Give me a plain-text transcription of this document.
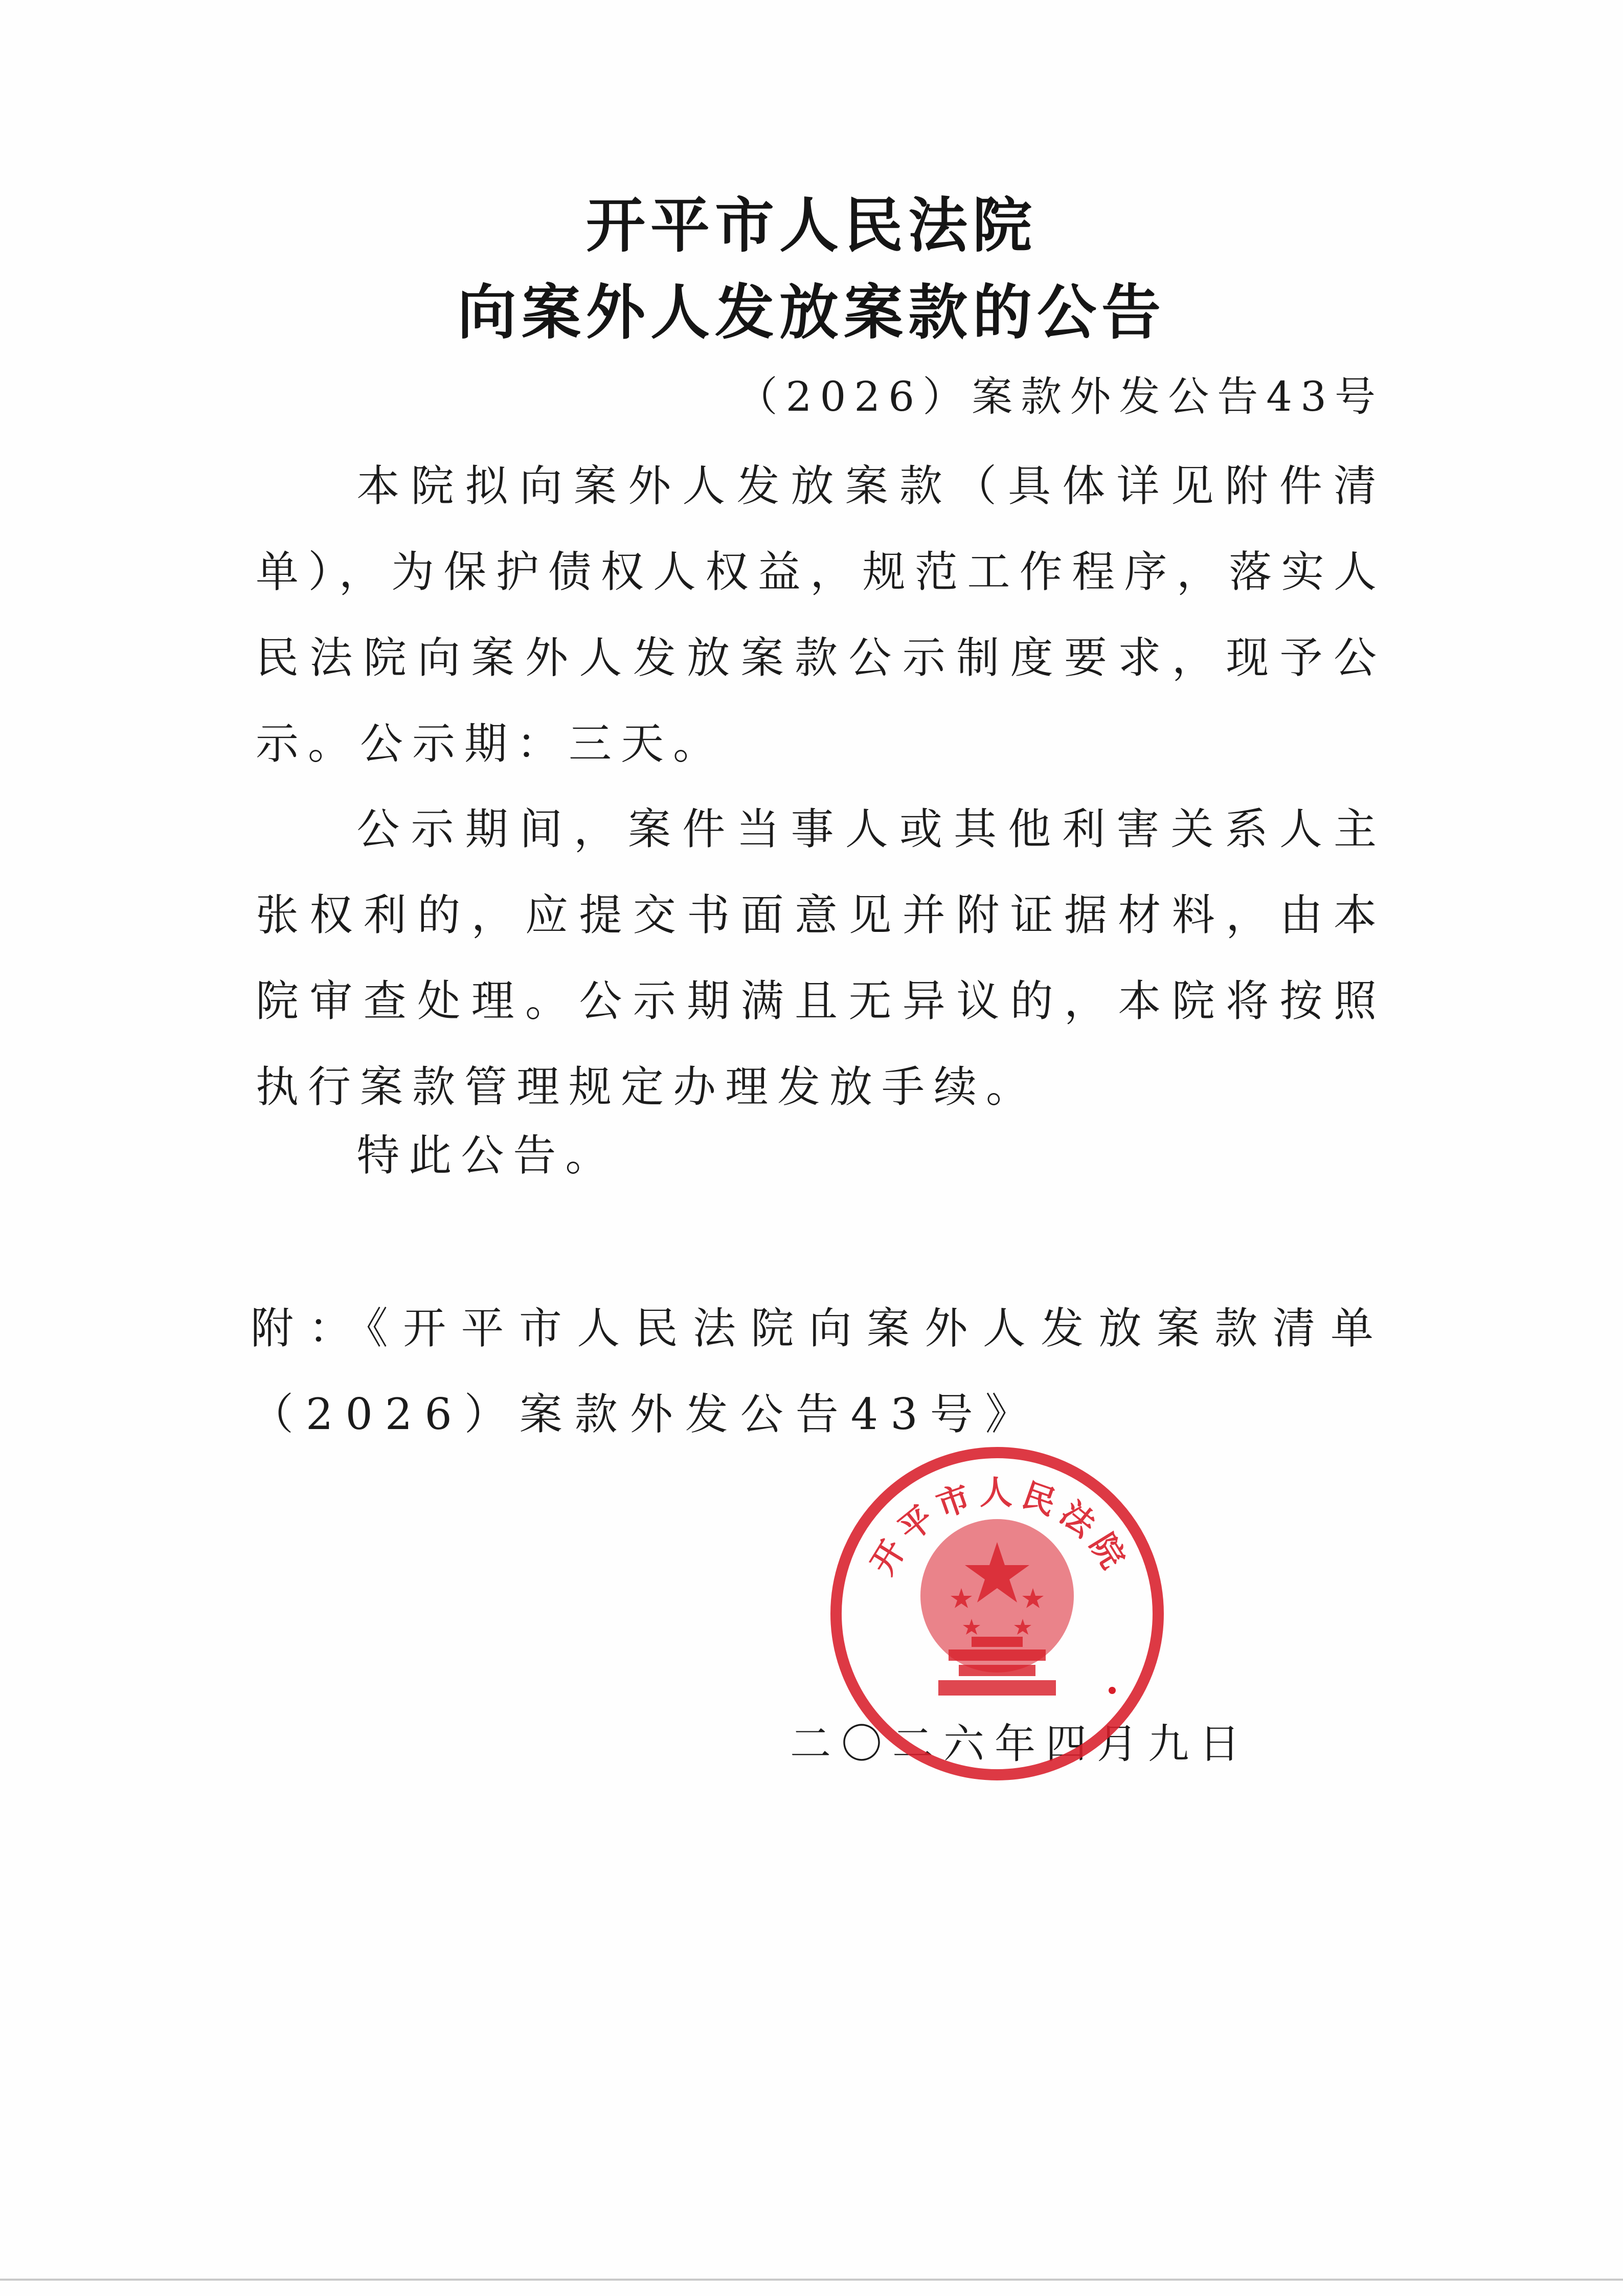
开平市人民法院
向案外人发放案款的公告
（2026）案款外发公告43号
本院拟向案外人发放案款（具体详见附件清单），为保护债权人权益，规范工作程序，落实人民法院向案外人发放案款公示制度要求，现予公示。公示期：三天。
公示期间，案件当事人或其他利害关系人主张权利的，应提交书面意见并附证据材料，由本院审查处理。公示期满且无异议的，本院将按照执行案款管理规定办理发放手续。
特此公告。
附：《开平市人民法院向案外人发放案款清单（2026）案款外发公告43号》
二〇二六年四月九日
开平市人民法院
